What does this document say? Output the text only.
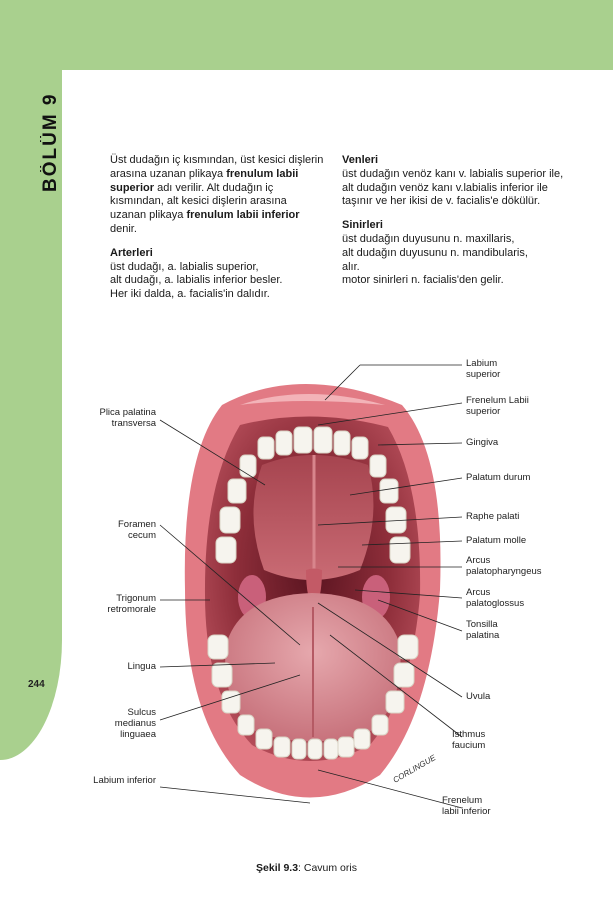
BÖLÜM 9
244

Üst dudağın iç kısmından, üst kesici dişlerin arasına uzanan plikaya frenulum labii superior adı verilir. Alt dudağın iç kısmından, alt kesici dişlerin arasına uzanan plikaya frenulum labii inferior denir.

Arterleri
üst dudağı, a. labialis superior,
alt dudağı, a. labialis inferior besler.
Her iki dalda, a. facialis'in dalıdır.
Venleri

üst dudağın venöz kanı v. labialis superior ile, alt dudağın venöz kanı v.labialis inferior ile taşınır ve her ikisi de v. facialis'e dökülür.

Sinirleri
üst dudağın duyusunu n. maxillaris,
alt dudağın duyusunu n. mandibularis,
alır.
motor sinirleri n. facialis'den gelir.
CORLINGUE
Plica palatina transversa
Foramen cecum
Trigonum retromorale
Lingua
Sulcus medianus linguaea
Labium inferior
Labium superior
Frenelum Labii superior
Gingiva
Palatum durum
Raphe palati
Palatum molle
Arcus palatopharyngeus
Arcus palatoglossus
Tonsilla palatina
Uvula
Isthmus faucium
Frenelum labii inferior
Şekil 9.3: Cavum oris
